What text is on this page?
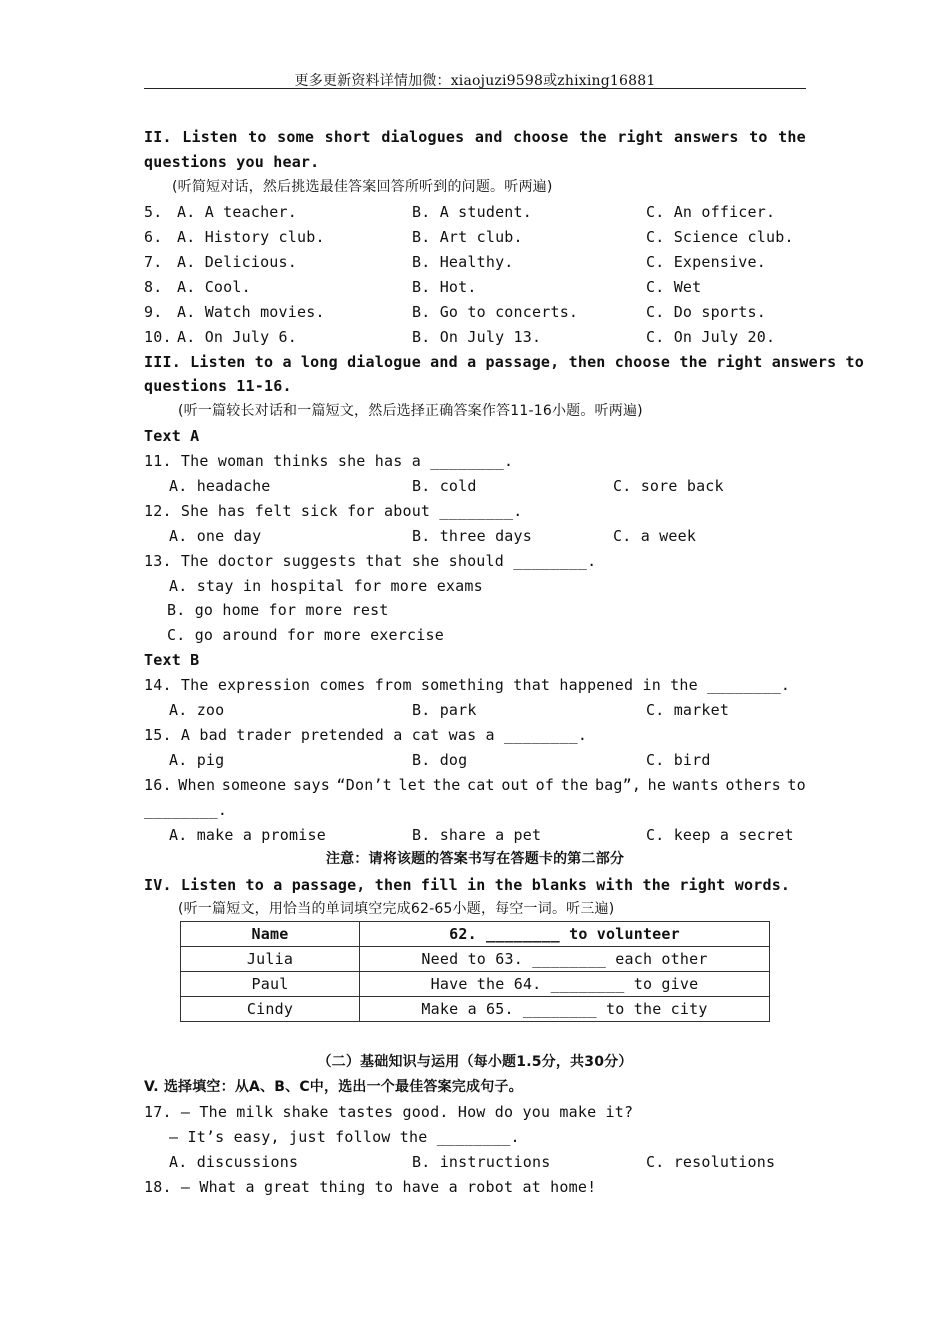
更多更新资料详情加微：xiaojuzi9598或zhixing16881
II. Listen to some short dialogues and choose the right answers to the
questions you hear.
(听简短对话，然后挑选最佳答案回答所听到的问题。听两遍)
5. A. A teacher.	B. A student.	C. An officer.
6. A. History club.	B. Art club.	C. Science club.
7. A. Delicious.	B. Healthy.	C. Expensive.
8. A. Cool.	B. Hot.	C. Wet
9. A. Watch movies.	B. Go to concerts.	C. Do sports.
10. A. On July 6.	B. On July 13.	C. On July 20.
III. Listen to a long dialogue and a passage, then choose the right answers to
questions 11-16.
(听一篇较长对话和一篇短文，然后选择正确答案作答11-16小题。听两遍)
Text A
11. The woman thinks she has a ________.
A. headache	B. cold	C. sore back
12. She has felt sick for about ________.
A. one day	B. three days	C. a week
13. The doctor suggests that she should ________.
A. stay in hospital for more exams
B. go home for more rest
C. go around for more exercise
Text B
14. The expression comes from something that happened in the ________.
A. zoo	B. park	C. market
15. A bad trader pretended a cat was a ________.
A. pig	B. dog	C. bird
16. When someone says “Don’t let the cat out of the bag”, he wants others to
________.
A. make a promise	B. share a pet	C. keep a secret
注意：请将该题的答案书写在答题卡的第二部分
IV. Listen to a passage, then fill in the blanks with the right words.
(听一篇短文，用恰当的单词填空完成62-65小题，每空一词。听三遍)
Name	62. ________ to volunteer
Julia	Need to 63. ________ each other
Paul	Have the 64. ________ to give
Cindy	Make a 65. ________ to the city
（二）基础知识与运用（每小题1.5分，共30分）
V. 选择填空：从A、B、C中，选出一个最佳答案完成句子。
17. — The milk shake tastes good. How do you make it?
— It’s easy, just follow the ________.
A. discussions	B. instructions	C. resolutions
18. — What a great thing to have a robot at home!
